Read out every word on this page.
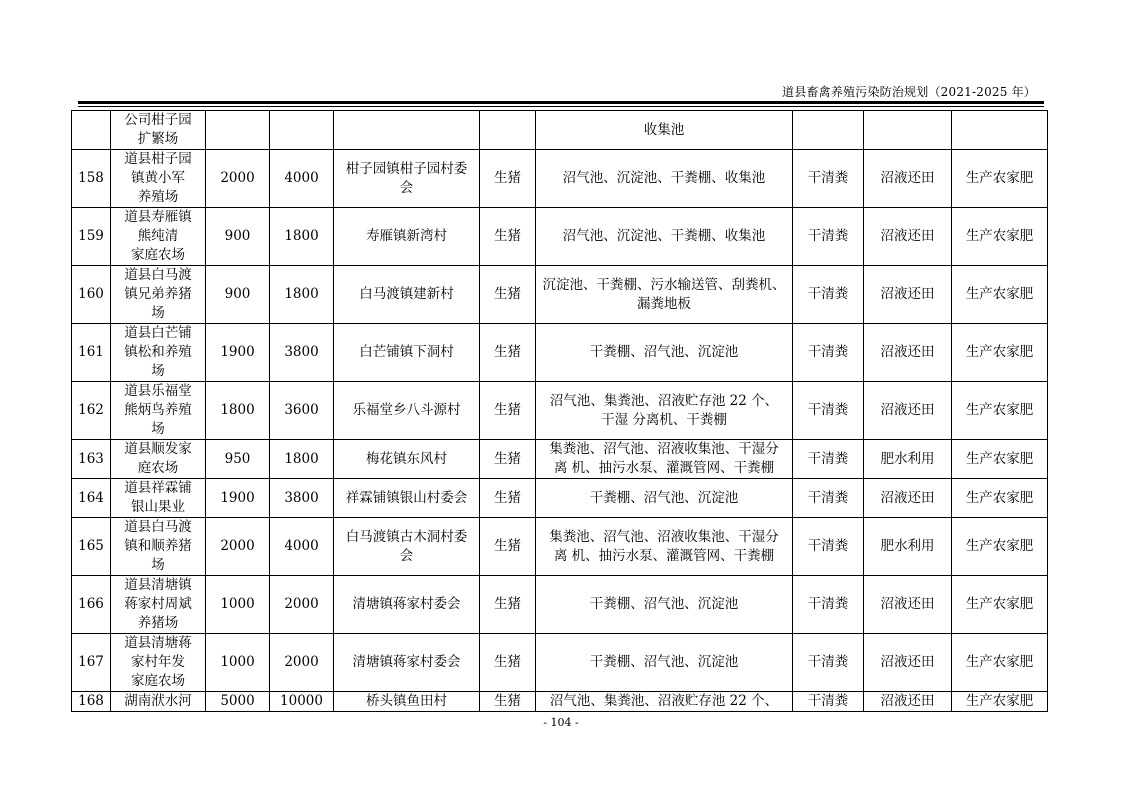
道县畜禽养殖污染防治规划（2021-2025 年）
	公司柑子园
扩繁场					收集池			
158	道县柑子园
镇黄小军
养殖场	2000	4000	柑子园镇柑子园村委
会	生猪	沼气池、沉淀池、干粪棚、收集池	干清粪	沼液还田	生产农家肥
159	道县寿雁镇
熊纯清
家庭农场	900	1800	寿雁镇新湾村	生猪	沼气池、沉淀池、干粪棚、收集池	干清粪	沼液还田	生产农家肥
160	道县白马渡
镇兄弟养猪
场	900	1800	白马渡镇建新村	生猪	沉淀池、干粪棚、污水输送管、刮粪机、
漏粪地板	干清粪	沼液还田	生产农家肥
161	道县白芒铺
镇松和养殖
场	1900	3800	白芒铺镇下洞村	生猪	干粪棚、沼气池、沉淀池	干清粪	沼液还田	生产农家肥
162	道县乐福堂
熊炳鸟养殖
场	1800	3600	乐福堂乡八斗源村	生猪	沼气池、集粪池、沼液贮存池 22 个、
干湿 分离机、干粪棚	干清粪	沼液还田	生产农家肥
163	道县顺发家
庭农场	950	1800	梅花镇东风村	生猪	集粪池、沼气池、沼液收集池、干湿分
离 机、抽污水泵、灌溉管网、干粪棚	干清粪	肥水利用	生产农家肥
164	道县祥霖铺
银山果业	1900	3800	祥霖铺镇银山村委会	生猪	干粪棚、沼气池、沉淀池	干清粪	沼液还田	生产农家肥
165	道县白马渡
镇和顺养猪
场	2000	4000	白马渡镇古木洞村委
会	生猪	集粪池、沼气池、沼液收集池、干湿分
离 机、抽污水泵、灌溉管网、干粪棚	干清粪	肥水利用	生产农家肥
166	道县清塘镇
蒋家村周斌
养猪场	1000	2000	清塘镇蒋家村委会	生猪	干粪棚、沼气池、沉淀池	干清粪	沼液还田	生产农家肥
167	道县清塘蒋
家村年发
家庭农场	1000	2000	清塘镇蒋家村委会	生猪	干粪棚、沼气池、沉淀池	干清粪	沼液还田	生产农家肥
168	湖南洑水河	5000	10000	桥头镇鱼田村	生猪	沼气池、集粪池、沼液贮存池 22 个、	干清粪	沼液还田	生产农家肥
- 104 -
